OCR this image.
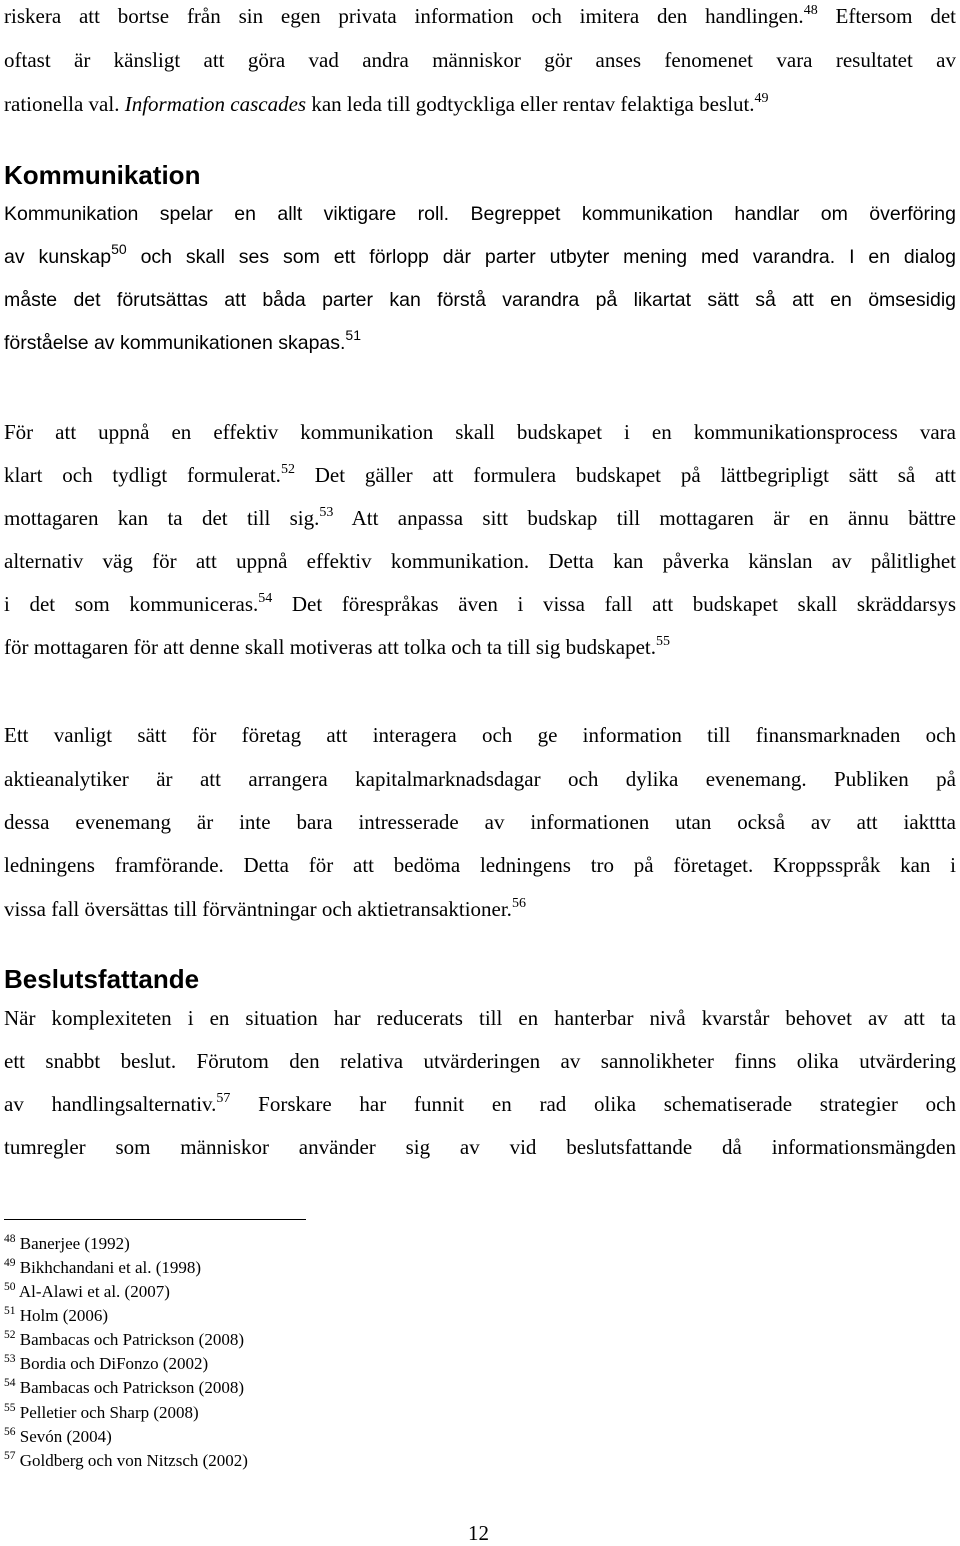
riskera att bortse från sin egen privata information och imitera den handlingen.$^{48}$ Eftersom det

oftast är känsligt att göra vad andra människor gör anses fenomenet vara resultatet av

rationella val. Information cascades kan leda till godtyckliga eller rentav felaktiga beslut.$^{49}$

Kommunikation

Kommunikation spelar en allt viktigare roll. Begreppet kommunikation handlar om överföring

av kunskap$^{50}$ och skall ses som ett förlopp där parter utbyter mening med varandra. I en dialog

måste det förutsättas att båda parter kan förstå varandra på likartat sätt så att en ömsesidig

förståelse av kommunikationen skapas.$^{51}$

För att uppnå en effektiv kommunikation skall budskapet i en kommunikationsprocess vara

klart och tydligt formulerat.$^{52}$ Det gäller att formulera budskapet på lättbegripligt sätt så att

mottagaren kan ta det till sig.$^{53}$ Att anpassa sitt budskap till mottagaren är en ännu bättre

alternativ väg för att uppnå effektiv kommunikation. Detta kan påverka känslan av pålitlighet

i det som kommuniceras.$^{54}$ Det förespråkas även i vissa fall att budskapet skall skräddarsys

för mottagaren för att denne skall motiveras att tolka och ta till sig budskapet.$^{55}$

Ett vanligt sätt för företag att interagera och ge information till finansmarknaden och

aktieanalytiker är att arrangera kapitalmarknadsdagar och dylika evenemang. Publiken på

dessa evenemang är inte bara intresserade av informationen utan också av att iakttta

ledningens framförande. Detta för att bedöma ledningens tro på företaget. Kroppsspråk kan i

vissa fall översättas till förväntningar och aktietransaktioner.$^{56}$

Beslutsfattande

När komplexiteten i en situation har reducerats till en hanterbar nivå kvarstår behovet av att ta

ett snabbt beslut. Förutom den relativa utvärderingen av sannolikheter finns olika utvärdering

av handlingsalternativ.$^{57}$ Forskare har funnit en rad olika schematiserade strategier och

tumregler som människor använder sig av vid beslutsfattande då informationsmängden

$^{48}$ Banerjee (1992)

$^{49}$ Bikhchandani et al. (1998)

$^{50}$ Al-Alawi et al. (2007)

$^{51}$ Holm (2006)

$^{52}$ Bambacas och Patrickson (2008)

$^{53}$ Bordia och DiFonzo (2002)

$^{54}$ Bambacas och Patrickson (2008)

$^{55}$ Pelletier och Sharp (2008)

$^{56}$ Sevón (2004)

$^{57}$ Goldberg och von Nitzsch (2002)

12
